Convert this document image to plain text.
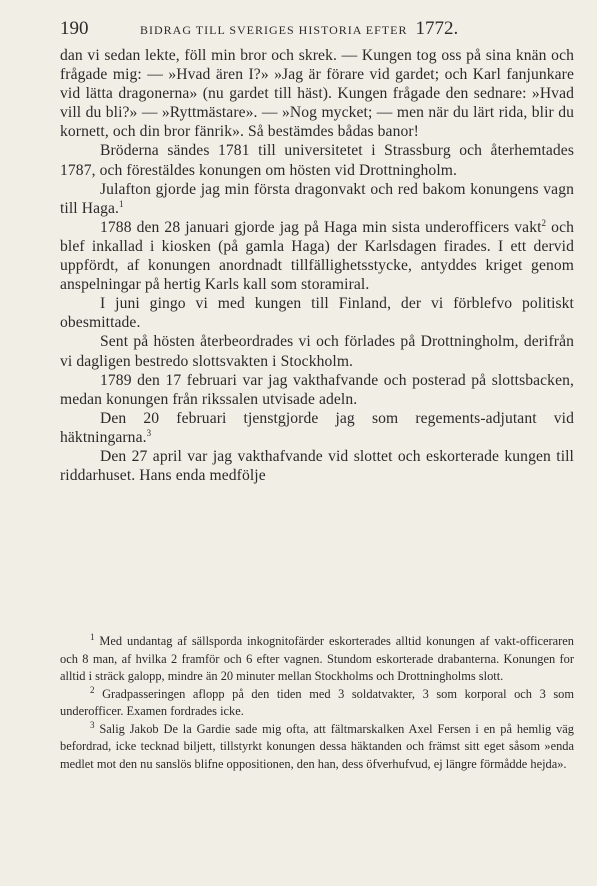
190	BIDRAG TILL SVERIGES HISTORIA EFTER 1772.

dan vi sedan lekte, föll min bror och skrek. — Kungen tog oss på sina knän och frågade mig: — »Hvad ären I?» »Jag är förare vid gardet; och Karl fanjunkare vid lätta dragonerna» (nu gardet till häst). Kungen frågade den sednare: »Hvad vill du bli?» — »Ryttmästare». — »Nog mycket; — men när du lärt rida, blir du kornett, och din bror fänrik». Så bestämdes bådas banor!

Bröderna sändes 1781 till universitetet i Strassburg och återhemtades 1787, och förestäldes konungen om hösten vid Drottningholm.

Julafton gjorde jag min första dragonvakt och red bakom konungens vagn till Haga.$^1$

1788 den 28 januari gjorde jag på Haga min sista underofficers vakt$^2$ och blef inkallad i kiosken (på gamla Haga) der Karlsdagen firades. I ett dervid uppfördt, af konungen anordnadt tillfällighetsstycke, antyddes kriget genom anspelningar på hertig Karls kall som storamiral.

I juni gingo vi med kungen till Finland, der vi förblefvo politiskt obesmittade.

Sent på hösten återbeordrades vi och förlades på Drottningholm, derifrån vi dagligen bestredo slottsvakten i Stockholm.

1789 den 17 februari var jag vakthafvande och posterad på slottsbacken, medan konungen från rikssalen utvisade adeln.

Den 20 februari tjenstgjorde jag som regements-adjutant vid häktningarna.$^3$

Den 27 april var jag vakthafvande vid slottet och eskorterade kungen till riddarhuset. Hans enda medfölje

$^1$ Med undantag af sällsporda inkognitofärder eskorterades alltid konungen af vakt-officeraren och 8 man, af hvilka 2 framför och 6 efter vagnen. Stundom eskorterade drabanterna. Konungen for alltid i sträck galopp, mindre än 20 minuter mellan Stockholms och Drottningholms slott.

$^2$ Gradpasseringen aflopp på den tiden med 3 soldatvakter, 3 som korporal och 3 som underofficer. Examen fordrades icke.

$^3$ Salig Jakob De la Gardie sade mig ofta, att fältmarskalken Axel Fersen i en på hemlig väg befordrad, icke tecknad biljett, tillstyrkt konungen dessa häktanden och främst sitt eget såsom »enda medlet mot den nu sanslös blifne oppositionen, den han, dess öfverhufvud, ej längre förmådde hejda».
